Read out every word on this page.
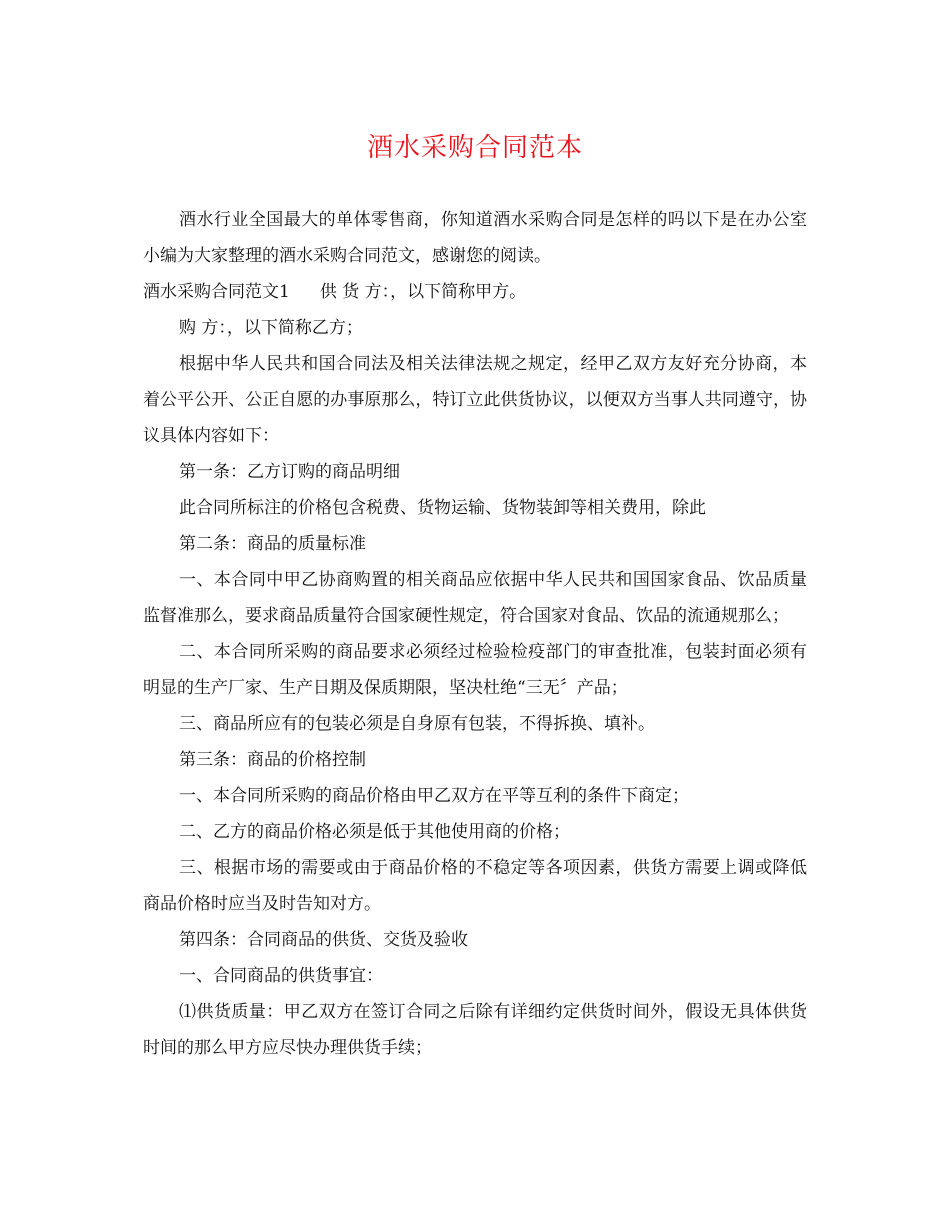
酒水采购合同范本

酒水行业全国最大的单体零售商，你知道酒水采购合同是怎样的吗以下是在办公室小编为大家整理的酒水采购合同范文，感谢您的阅读。

酒水采购合同范文1 供 货 方：，以下简称甲方。

购 方：，以下简称乙方；

根据中华人民共和国合同法及相关法律法规之规定，经甲乙双方友好充分协商，本着公平公开、公正自愿的办事原那么，特订立此供货协议，以便双方当事人共同遵守，协议具体内容如下：

第一条：乙方订购的商品明细

此合同所标注的价格包含税费、货物运输、货物装卸等相关费用，除此

第二条：商品的质量标准

一、本合同中甲乙协商购置的相关商品应依据中华人民共和国国家食品、饮品质量监督准那么，要求商品质量符合国家硬性规定，符合国家对食品、饮品的流通规那么；

二、本合同所采购的商品要求必须经过检验检疫部门的审查批准，包装封面必须有明显的生产厂家、生产日期及保质期限，坚决杜绝“三无〞产品；

三、商品所应有的包装必须是自身原有包装，不得拆换、填补。

第三条：商品的价格控制

一、本合同所采购的商品价格由甲乙双方在平等互利的条件下商定；

二、乙方的商品价格必须是低于其他使用商的价格；

三、根据市场的需要或由于商品价格的不稳定等各项因素，供货方需要上调或降低商品价格时应当及时告知对方。

第四条：合同商品的供货、交货及验收

一、合同商品的供货事宜：

⑴供货质量：甲乙双方在签订合同之后除有详细约定供货时间外，假设无具体供货时间的那么甲方应尽快办理供货手续；
